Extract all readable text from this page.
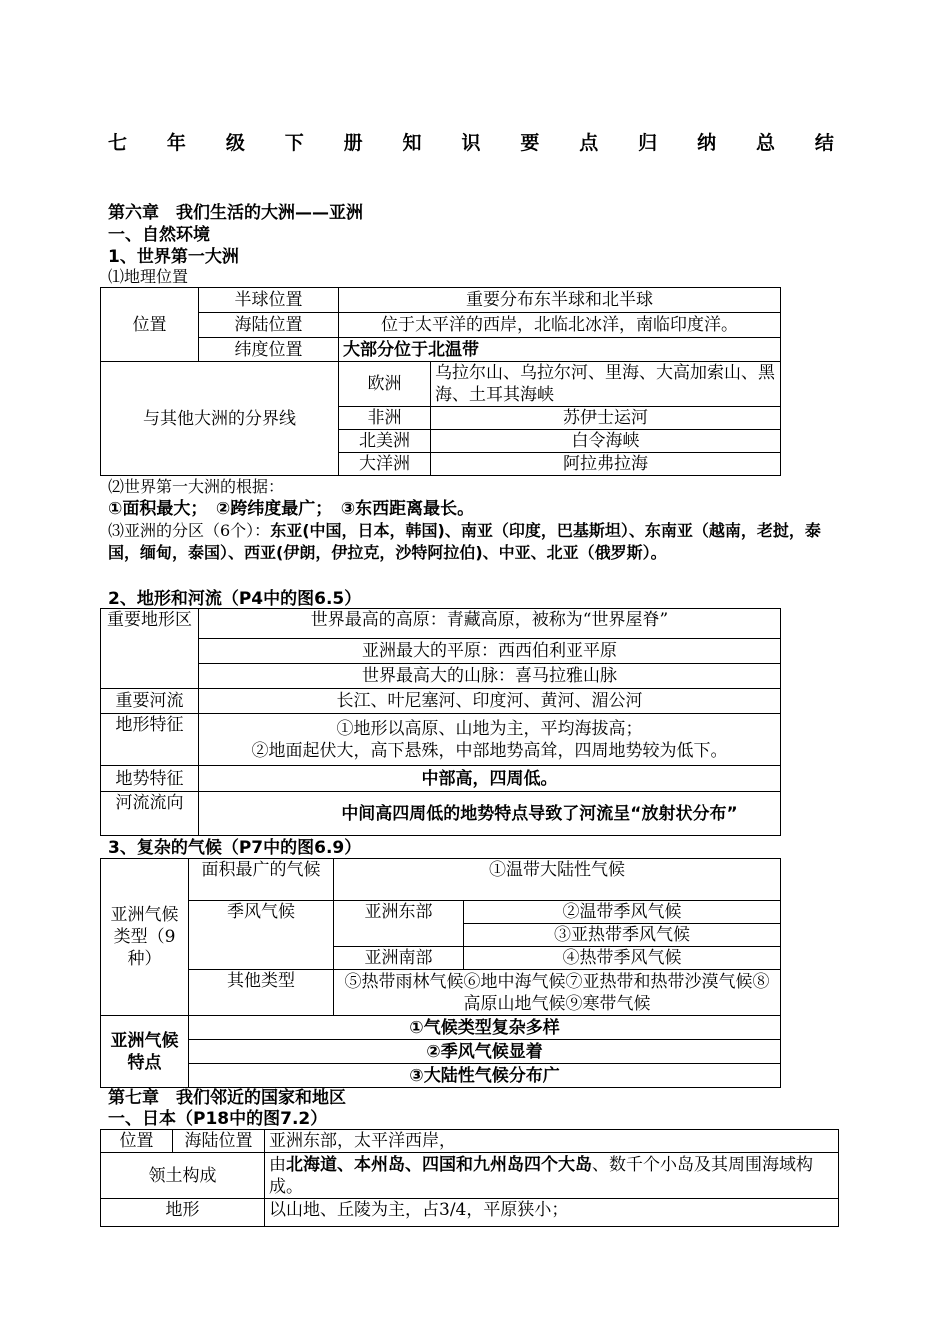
七 年 级 下 册 知 识 要 点 归 纳 总 结
第六章　我们生活的大洲——亚洲
一、自然环境
1、世界第一大洲
⑴地理位置
位置	半球位置	重要分布东半球和北半球	
	海陆位置	位于太平洋的西岸，北临北冰洋，南临印度洋。	
	纬度位置	大部分位于北温带	
与其他大洲的分界线		欧洲	乌拉尔山、乌拉尔河、里海、大高加索山、黑海、土耳其海峡
		非洲	苏伊士运河
		北美洲	白令海峡
		大洋洲	阿拉弗拉海
⑵世界第一大洲的根据：
①面积最大；　②跨纬度最广；　③东西距离最长。
⑶亚洲的分区（6个）：东亚(中国，日本，韩国)、南亚（印度，巴基斯坦）、东南亚（越南，老挝，泰国，缅甸，泰国）、西亚(伊朗，伊拉克，沙特阿拉伯)、中亚、北亚（俄罗斯）。
2、地形和河流（P4中的图6.5）
重要地形区	世界最高的高原：青藏高原，被称为“世界屋脊”
	亚洲最大的平原：西西伯利亚平原
	世界最高大的山脉：喜马拉雅山脉
重要河流	长江、叶尼塞河、印度河、黄河、湄公河
地形特征	①地形以高原、山地为主，平均海拔高；
②地面起伏大，高下悬殊，中部地势高耸，四周地势较为低下。

地势特征	中部高，四周低。
河流流向	中间高四周低的地势特点导致了河流呈“放射状分布”
3、复杂的气候（P7中的图6.9）
亚洲气候类型（9种）	面积最广的气候	①温带大陆性气候	
	季风气候	亚洲东部	②温带季风气候
			③亚热带季风气候
		亚洲南部	④热带季风气候
	其他类型	⑤热带雨林气候⑥地中海气候⑦亚热带和热带沙漠气候⑧高原山地气候⑨寒带气候	
亚洲气候特点	①气候类型复杂多样		
	②季风气候显着		
	③大陆性气候分布广		
第七章　我们邻近的国家和地区
一、日本（P18中的图7.2）
位置	海陆位置	亚洲东部，太平洋西岸，
领土构成		由北海道、本州岛、四国和九州岛四个大岛、数千个小岛及其周围海域构成。
地形		以山地、丘陵为主，占3/4，平原狭小；
